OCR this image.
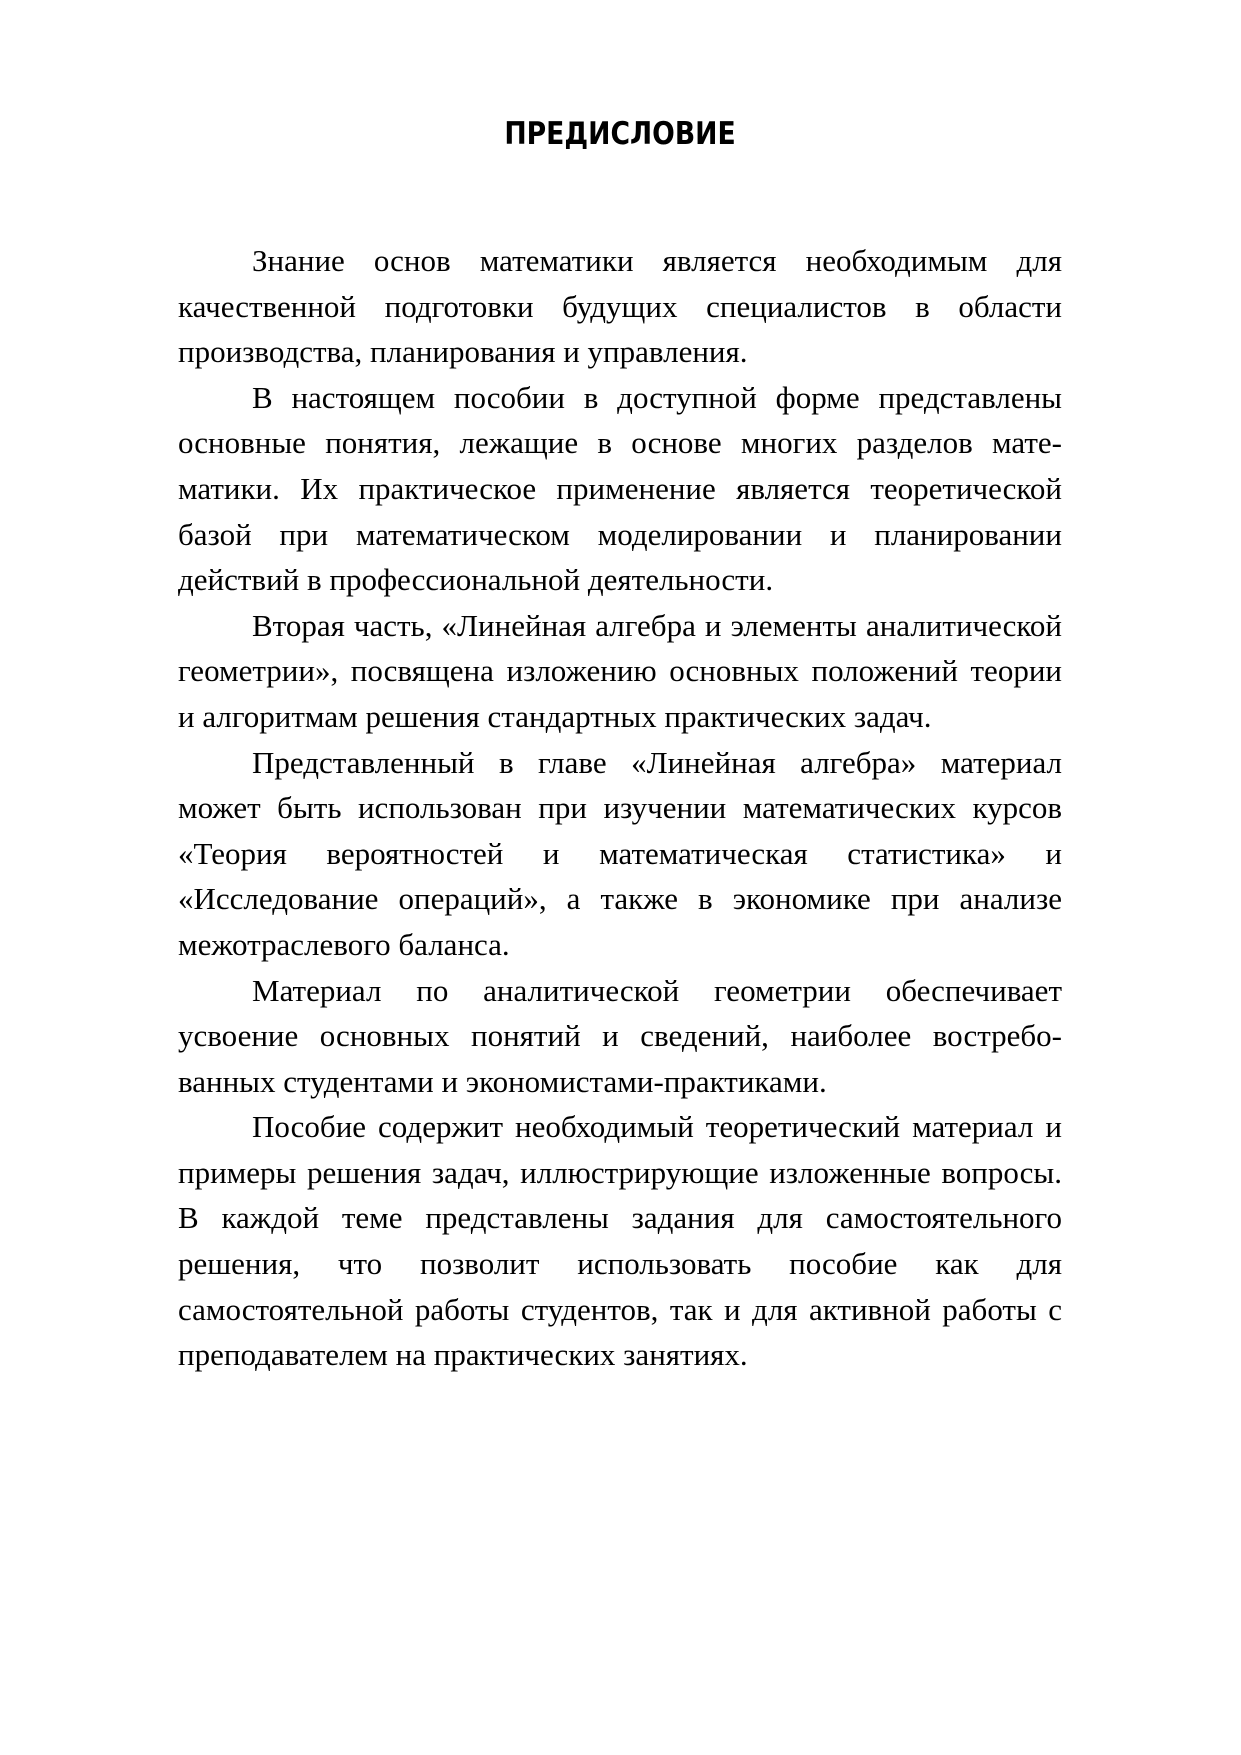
ПРЕДИСЛОВИЕ

Знание основ математики является необходимым для качественной подготовки будущих специалистов в области производства, планирования и управления.

В настоящем пособии в доступной форме представлены основные понятия, лежащие в основе многих разделов математики. Их практическое применение является теоретической базой при математическом моделировании и планировании действий в профессиональной деятельности.

Вторая часть, «Линейная алгебра и элементы аналитической геометрии», посвящена изложению основных положений теории и алгоритмам решения стандартных практических задач.

Представленный в главе «Линейная алгебра» материал может быть использован при изучении математических курсов «Теория вероятностей и математическая статистика» и «Исследование операций», а также в экономике при анализе межотраслевого баланса.

Материал по аналитической геометрии обеспечивает усвоение основных понятий и сведений, наиболее востребованных студентами и экономистами-практиками.

Пособие содержит необходимый теоретический материал и примеры решения задач, иллюстрирующие изложенные вопросы. В каждой теме представлены задания для самостоятельного решения, что позволит использовать пособие как для самостоятельной работы студентов, так и для активной работы с преподавателем на практических занятиях.
